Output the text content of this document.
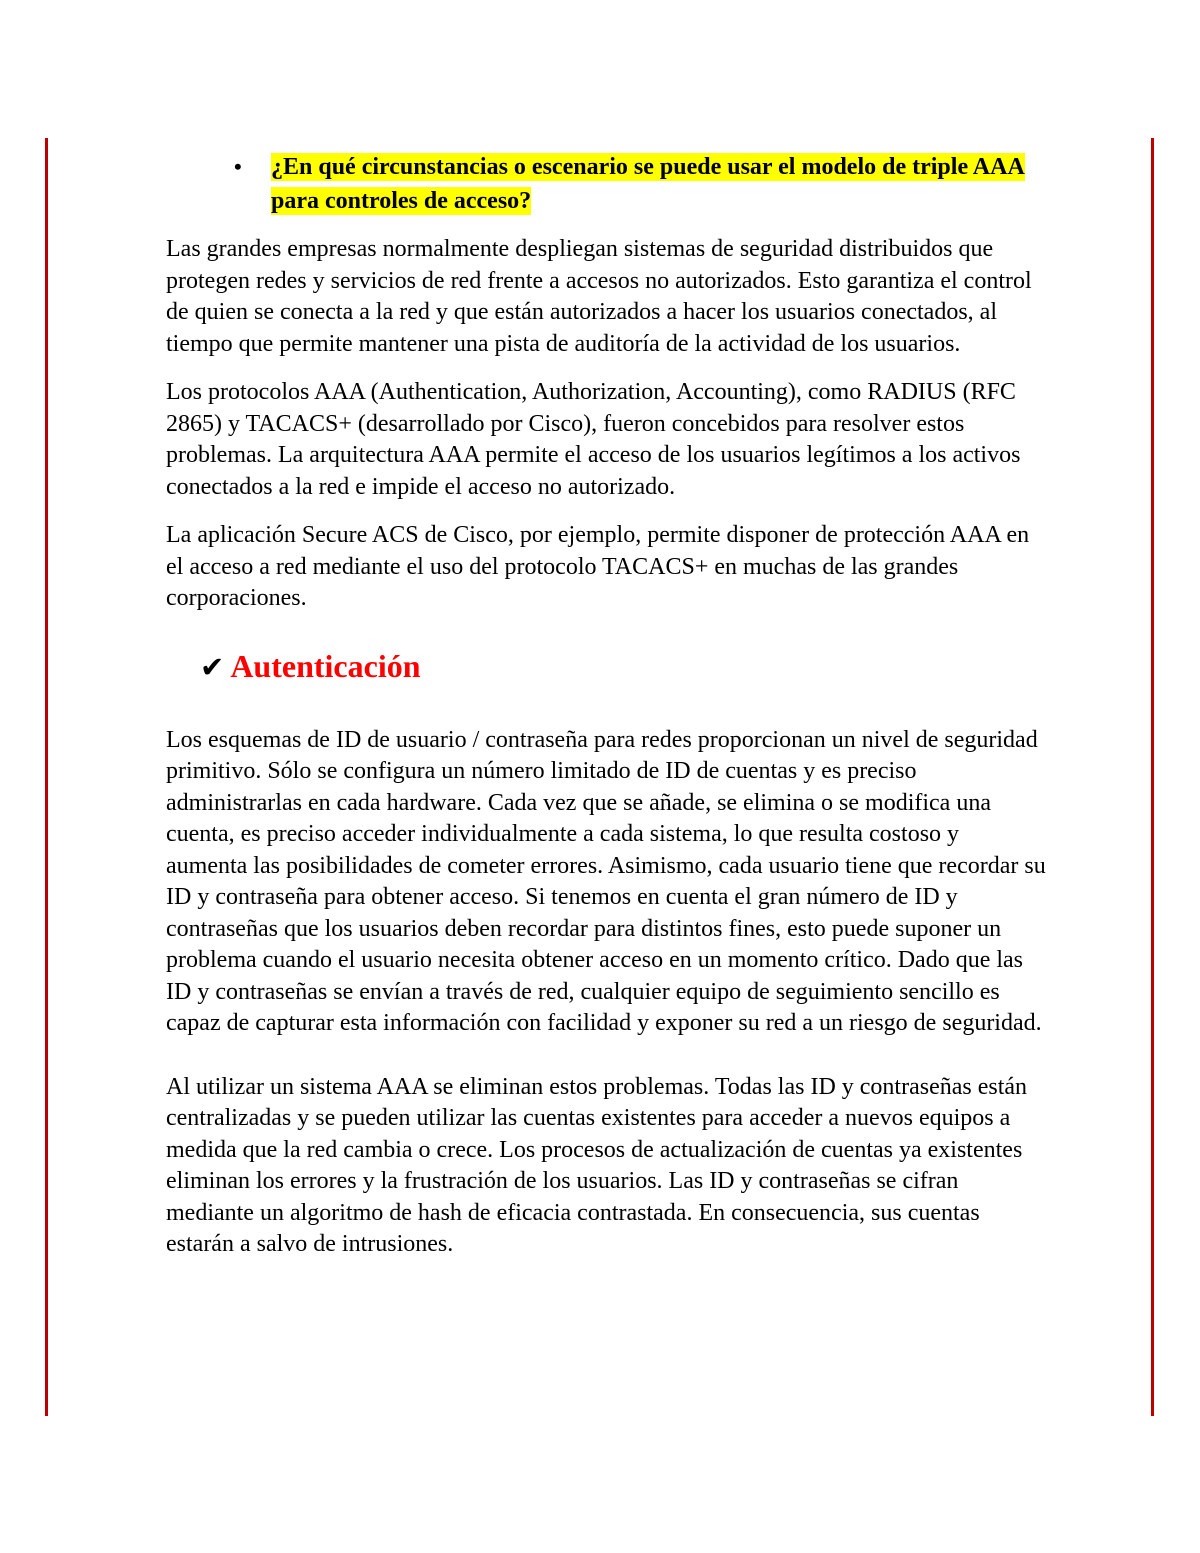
• ¿En qué circunstancias o escenario se puede usar el modelo de triple AAA para controles de acceso?

Las grandes empresas normalmente despliegan sistemas de seguridad distribuidos que protegen redes y servicios de red frente a accesos no autorizados. Esto garantiza el control de quien se conecta a la red y que están autorizados a hacer los usuarios conectados, al tiempo que permite mantener una pista de auditoría de la actividad de los usuarios.

Los protocolos AAA (Authentication, Authorization, Accounting), como RADIUS (RFC 2865) y TACACS+ (desarrollado por Cisco), fueron concebidos para resolver estos problemas. La arquitectura AAA permite el acceso de los usuarios legítimos a los activos conectados a la red e impide el acceso no autorizado.

La aplicación Secure ACS de Cisco, por ejemplo, permite disponer de protección AAA en el acceso a red mediante el uso del protocolo TACACS+ en muchas de las grandes corporaciones.

✔ Autenticación

Los esquemas de ID de usuario / contraseña para redes proporcionan un nivel de seguridad primitivo. Sólo se configura un número limitado de ID de cuentas y es preciso administrarlas en cada hardware. Cada vez que se añade, se elimina o se modifica una cuenta, es preciso acceder individualmente a cada sistema, lo que resulta costoso y aumenta las posibilidades de cometer errores. Asimismo, cada usuario tiene que recordar su ID y contraseña para obtener acceso. Si tenemos en cuenta el gran número de ID y contraseñas que los usuarios deben recordar para distintos fines, esto puede suponer un problema cuando el usuario necesita obtener acceso en un momento crítico. Dado que las ID y contraseñas se envían a través de red, cualquier equipo de seguimiento sencillo es capaz de capturar esta información con facilidad y exponer su red a un riesgo de seguridad.

Al utilizar un sistema AAA se eliminan estos problemas. Todas las ID y contraseñas están centralizadas y se pueden utilizar las cuentas existentes para acceder a nuevos equipos a medida que la red cambia o crece. Los procesos de actualización de cuentas ya existentes eliminan los errores y la frustración de los usuarios. Las ID y contraseñas se cifran mediante un algoritmo de hash de eficacia contrastada. En consecuencia, sus cuentas estarán a salvo de intrusiones.
